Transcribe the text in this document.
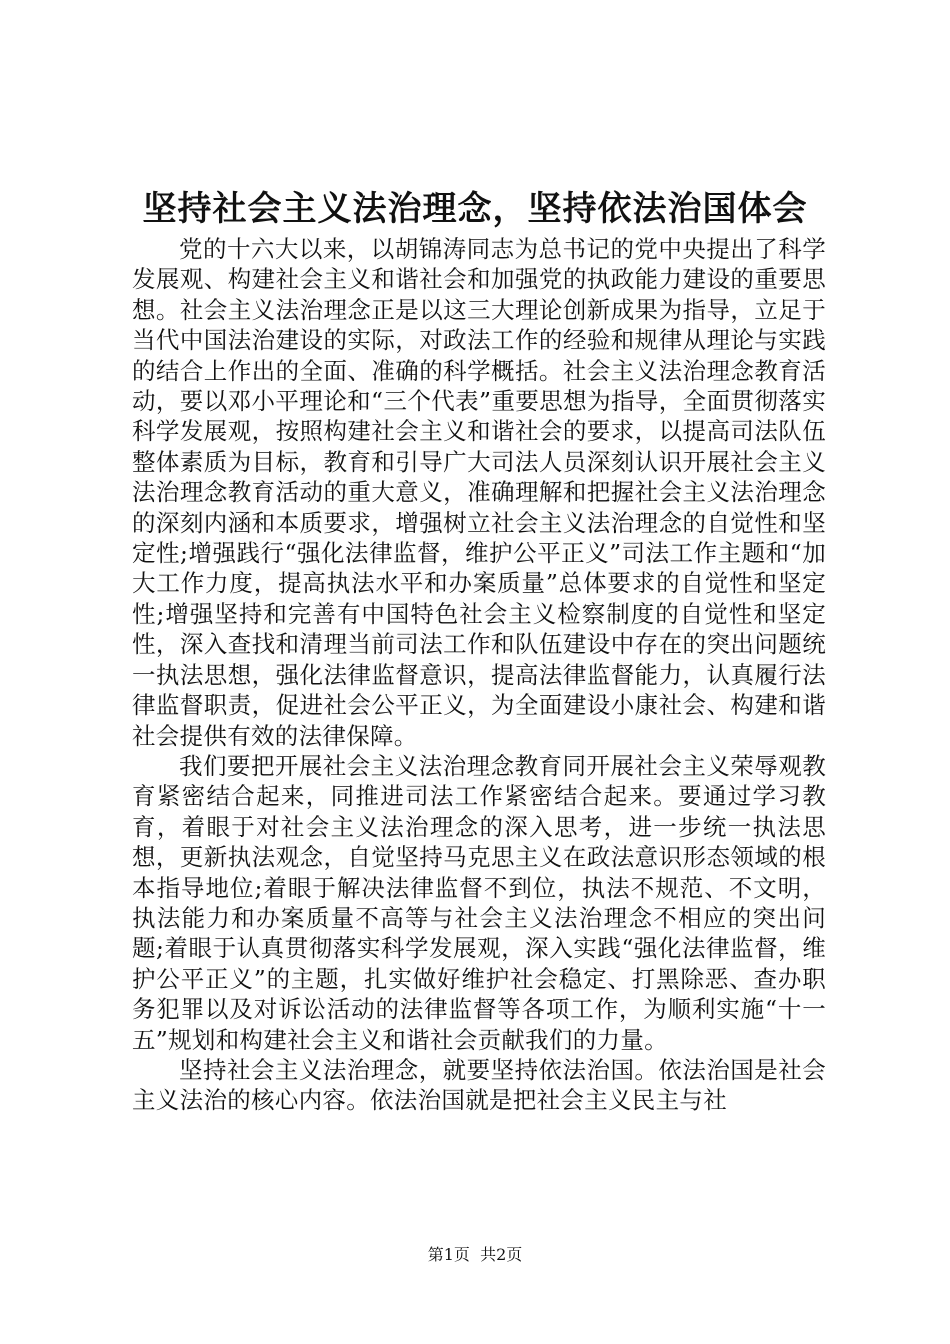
坚持社会主义法治理念，坚持依法治国体会

党的十六大以来，以胡锦涛同志为总书记的党中央提出了科学发展观、构建社会主义和谐社会和加强党的执政能力建设的重要思想。社会主义法治理念正是以这三大理论创新成果为指导，立足于当代中国法治建设的实际，对政法工作的经验和规律从理论与实践的结合上作出的全面、准确的科学概括。社会主义法治理念教育活动，要以邓小平理论和“三个代表”重要思想为指导，全面贯彻落实科学发展观，按照构建社会主义和谐社会的要求，以提高司法队伍整体素质为目标，教育和引导广大司法人员深刻认识开展社会主义法治理念教育活动的重大意义，准确理解和把握社会主义法治理念的深刻内涵和本质要求，增强树立社会主义法治理念的自觉性和坚定性;增强践行“强化法律监督，维护公平正义”司法工作主题和“加大工作力度，提高执法水平和办案质量”总体要求的自觉性和坚定性;增强坚持和完善有中国特色社会主义检察制度的自觉性和坚定性，深入查找和清理当前司法工作和队伍建设中存在的突出问题统一执法思想，强化法律监督意识，提高法律监督能力，认真履行法律监督职责，促进社会公平正义，为全面建设小康社会、构建和谐社会提供有效的法律保障。

我们要把开展社会主义法治理念教育同开展社会主义荣辱观教育紧密结合起来，同推进司法工作紧密结合起来。要通过学习教育，着眼于对社会主义法治理念的深入思考，进一步统一执法思想，更新执法观念，自觉坚持马克思主义在政法意识形态领域的根本指导地位;着眼于解决法律监督不到位，执法不规范、不文明，执法能力和办案质量不高等与社会主义法治理念不相应的突出问题;着眼于认真贯彻落实科学发展观，深入实践“强化法律监督，维护公平正义”的主题，扎实做好维护社会稳定、打黑除恶、查办职务犯罪以及对诉讼活动的法律监督等各项工作，为顺利实施“十一五”规划和构建社会主义和谐社会贡献我们的力量。

坚持社会主义法治理念，就要坚持依法治国。依法治国是社会主义法治的核心内容。依法治国就是把社会主义民主与社

第1页  共2页
